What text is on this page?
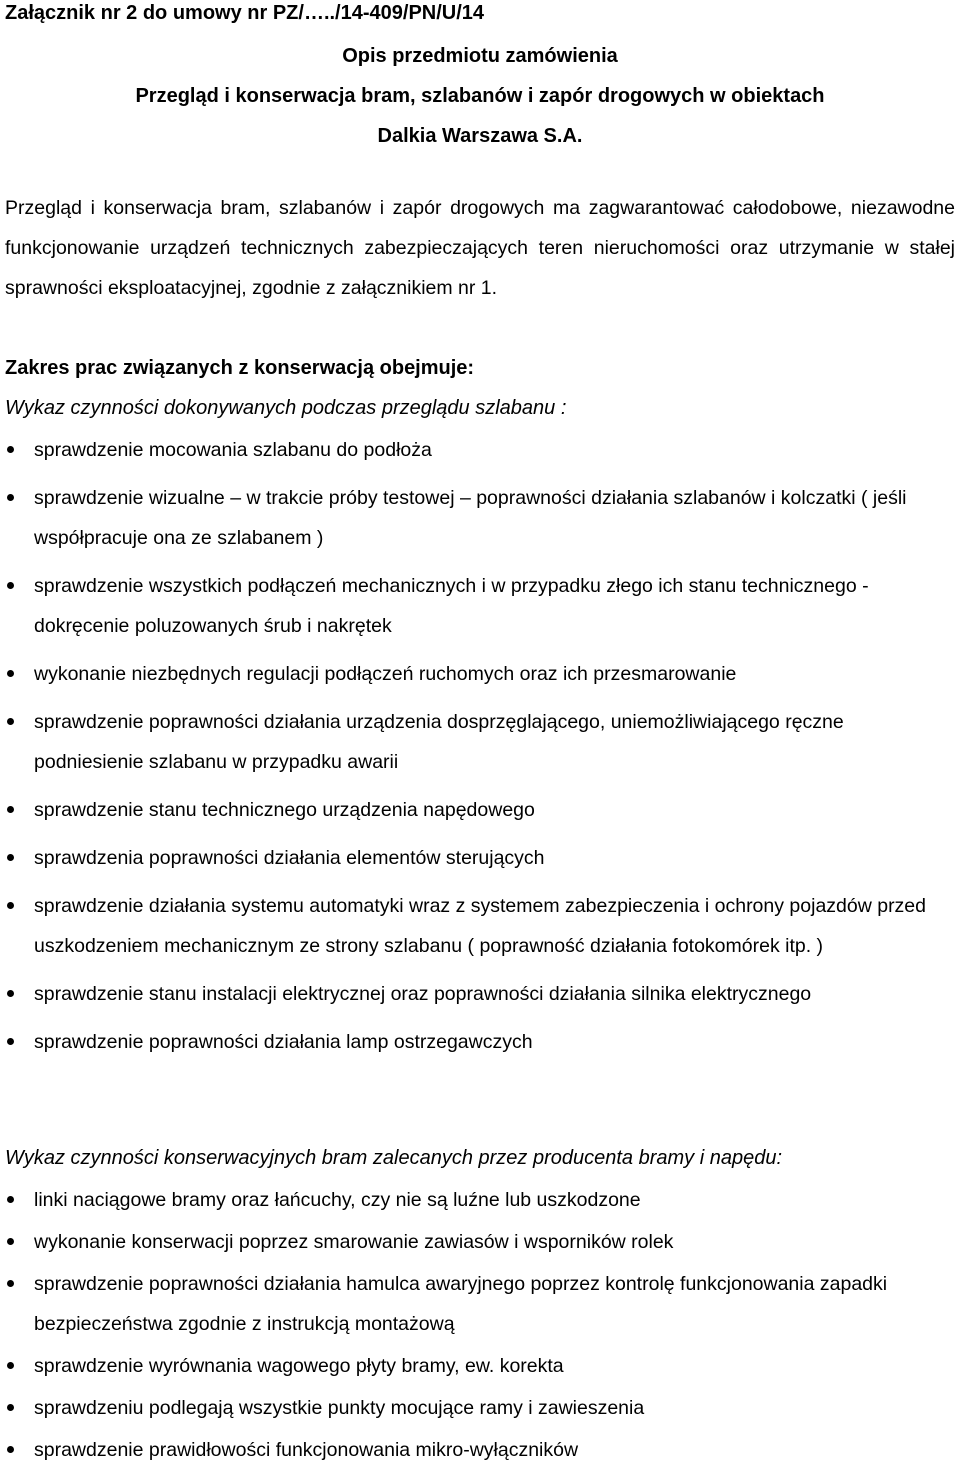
Załącznik nr 2 do umowy nr PZ/…../14-409/PN/U/14
Opis przedmiotu zamówienia
Przegląd i konserwacja bram, szlabanów i zapór drogowych w obiektach
Dalkia Warszawa S.A.
Przegląd i konserwacja bram, szlabanów i zapór drogowych ma zagwarantować całodobowe, niezawodne funkcjonowanie urządzeń technicznych zabezpieczających teren nieruchomości oraz utrzymanie w stałej sprawności eksploatacyjnej, zgodnie z załącznikiem nr 1.
Zakres prac związanych z konserwacją obejmuje:
Wykaz czynności dokonywanych podczas przeglądu szlabanu :
sprawdzenie mocowania szlabanu do podłoża
sprawdzenie wizualne – w trakcie próby testowej – poprawności działania szlabanów i kolczatki ( jeśli współpracuje ona ze szlabanem )
sprawdzenie wszystkich podłączeń mechanicznych i w przypadku złego ich stanu technicznego - dokręcenie poluzowanych śrub i nakrętek
wykonanie niezbędnych regulacji podłączeń ruchomych oraz ich przesmarowanie
sprawdzenie poprawności działania urządzenia dosprzęglającego, uniemożliwiającego ręczne podniesienie szlabanu w przypadku awarii
sprawdzenie stanu technicznego urządzenia napędowego
sprawdzenia poprawności działania elementów sterujących
sprawdzenie działania systemu automatyki wraz z systemem zabezpieczenia i ochrony pojazdów przed uszkodzeniem mechanicznym ze strony szlabanu ( poprawność działania fotokomórek itp. )
sprawdzenie stanu instalacji elektrycznej oraz poprawności działania silnika elektrycznego
sprawdzenie poprawności działania lamp ostrzegawczych
Wykaz czynności konserwacyjnych bram zalecanych przez producenta bramy i napędu:
linki naciągowe bramy oraz łańcuchy, czy nie są luźne lub uszkodzone
wykonanie konserwacji poprzez smarowanie zawiasów i wsporników rolek
sprawdzenie poprawności działania hamulca awaryjnego poprzez kontrolę funkcjonowania zapadki bezpieczeństwa zgodnie z instrukcją montażową
sprawdzenie wyrównania wagowego płyty bramy, ew. korekta
sprawdzeniu podlegają wszystkie punkty mocujące ramy i zawieszenia
sprawdzenie prawidłowości funkcjonowania mikro-wyłączników
